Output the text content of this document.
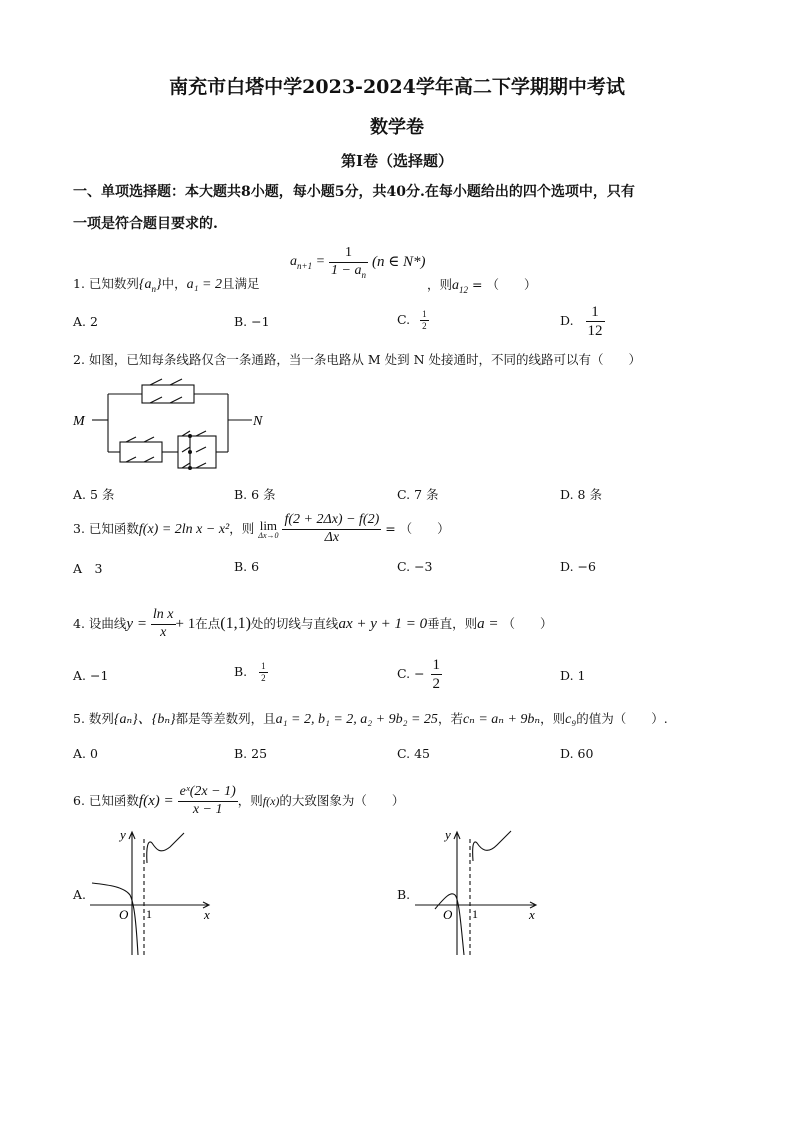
南充市白塔中学2023-2024学年高二下学期期中考试
数学卷
第Ⅰ卷（选择题）
一、单项选择题：本大题共8小题，每小题5分，共40分.在每小题给出的四个选项中，只有
一项是符合题目要求的.
1. 已知数列$\{a_n\}$中，a₁ = 2且满足
$a_{n+1} = \frac{1}{1 - a_n} (n$ ∈ N*)
，则$a_{12}$ = （　　）
A. 2	B. −1	C. $\frac{1}{2}$	D. $\frac{1}{12}$
2. 如图，已知每条线路仅含一条通路，当一条电路从 M 处到 N 处接通时，不同的线路可以有（　　）
M	N
A. 5 条	B. 6 条	C. 7 条	D. 8 条
3. 已知函数f(x) = 2ln x − x²，则 lim
Δx→0
$\frac{f(2 + 2\Delta x) - f(2)}{\Delta x}$ = （　　）
A　3	B. 6	C. −3	D. −6
4. 设曲线$y = \frac{\text{ln x}}{x} + 1$在点(1,1)处的切线与直线ax + y + 1 = 0垂直，则a = （　　）
A. −1	B. $\frac{1}{2}$	C. − $\frac{1}{2}$	D. 1
5. 数列{aₙ}、{bₙ}都是等差数列，且a₁ = 2, b₁ = 2, a₂ + 9b₂ = 25，若cₙ = aₙ + 9bₙ，则c₉的值为（　　）.
A. 0	B. 25	C. 45	D. 60
6. 已知函数$f(x) = \frac{\text{eˣ(2x − 1)}}{x - 1}$ ，则f(x)的大致图象为（　　）
A.
y
x
O 1
B.
y
x
O 1
